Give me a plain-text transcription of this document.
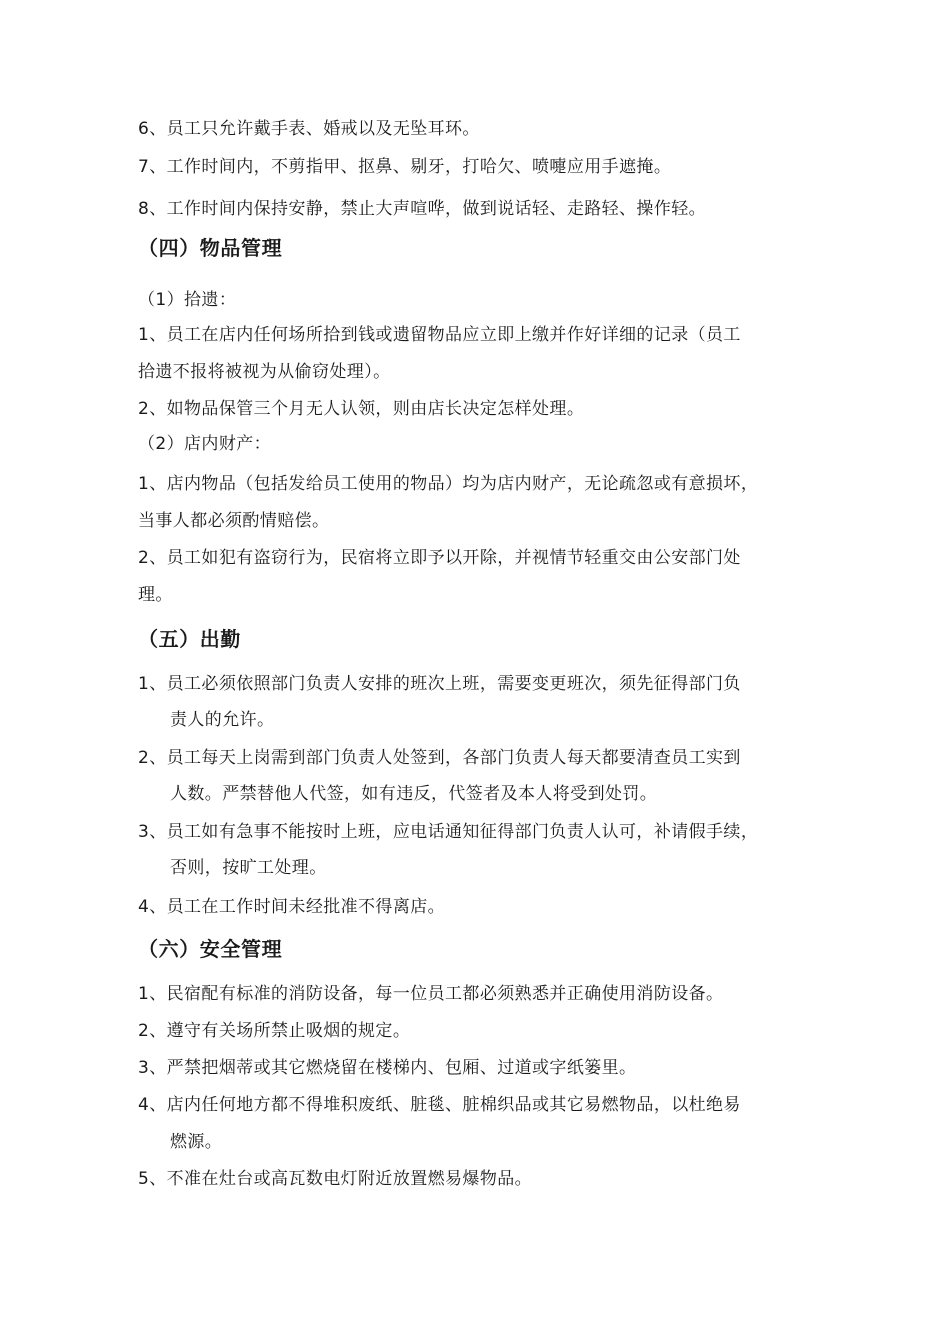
6、员工只允许戴手表、婚戒以及无坠耳环。

7、工作时间内，不剪指甲、抠鼻、剔牙，打哈欠、喷嚏应用手遮掩。

8、工作时间内保持安静，禁止大声喧哗，做到说话轻、走路轻、操作轻。

（四）物品管理

（1）拾遗：

1、员工在店内任何场所拾到钱或遗留物品应立即上缴并作好详细的记录（员工

拾遗不报将被视为从偷窃处理）。

2、如物品保管三个月无人认领，则由店长决定怎样处理。

（2）店内财产：

1、店内物品（包括发给员工使用的物品）均为店内财产，无论疏忽或有意损坏，

当事人都必须酌情赔偿。

2、员工如犯有盗窃行为，民宿将立即予以开除，并视情节轻重交由公安部门处

理。

（五）出勤

1、员工必须依照部门负责人安排的班次上班，需要变更班次，须先征得部门负

责人的允许。

2、员工每天上岗需到部门负责人处签到，各部门负责人每天都要清查员工实到

人数。严禁替他人代签，如有违反，代签者及本人将受到处罚。

3、员工如有急事不能按时上班，应电话通知征得部门负责人认可，补请假手续，

否则，按旷工处理。

4、员工在工作时间未经批准不得离店。

（六）安全管理

1、民宿配有标准的消防设备，每一位员工都必须熟悉并正确使用消防设备。

2、遵守有关场所禁止吸烟的规定。

3、严禁把烟蒂或其它燃烧留在楼梯内、包厢、过道或字纸篓里。

4、店内任何地方都不得堆积废纸、脏毯、脏棉织品或其它易燃物品，以杜绝易

燃源。

5、不准在灶台或高瓦数电灯附近放置燃易爆物品。
